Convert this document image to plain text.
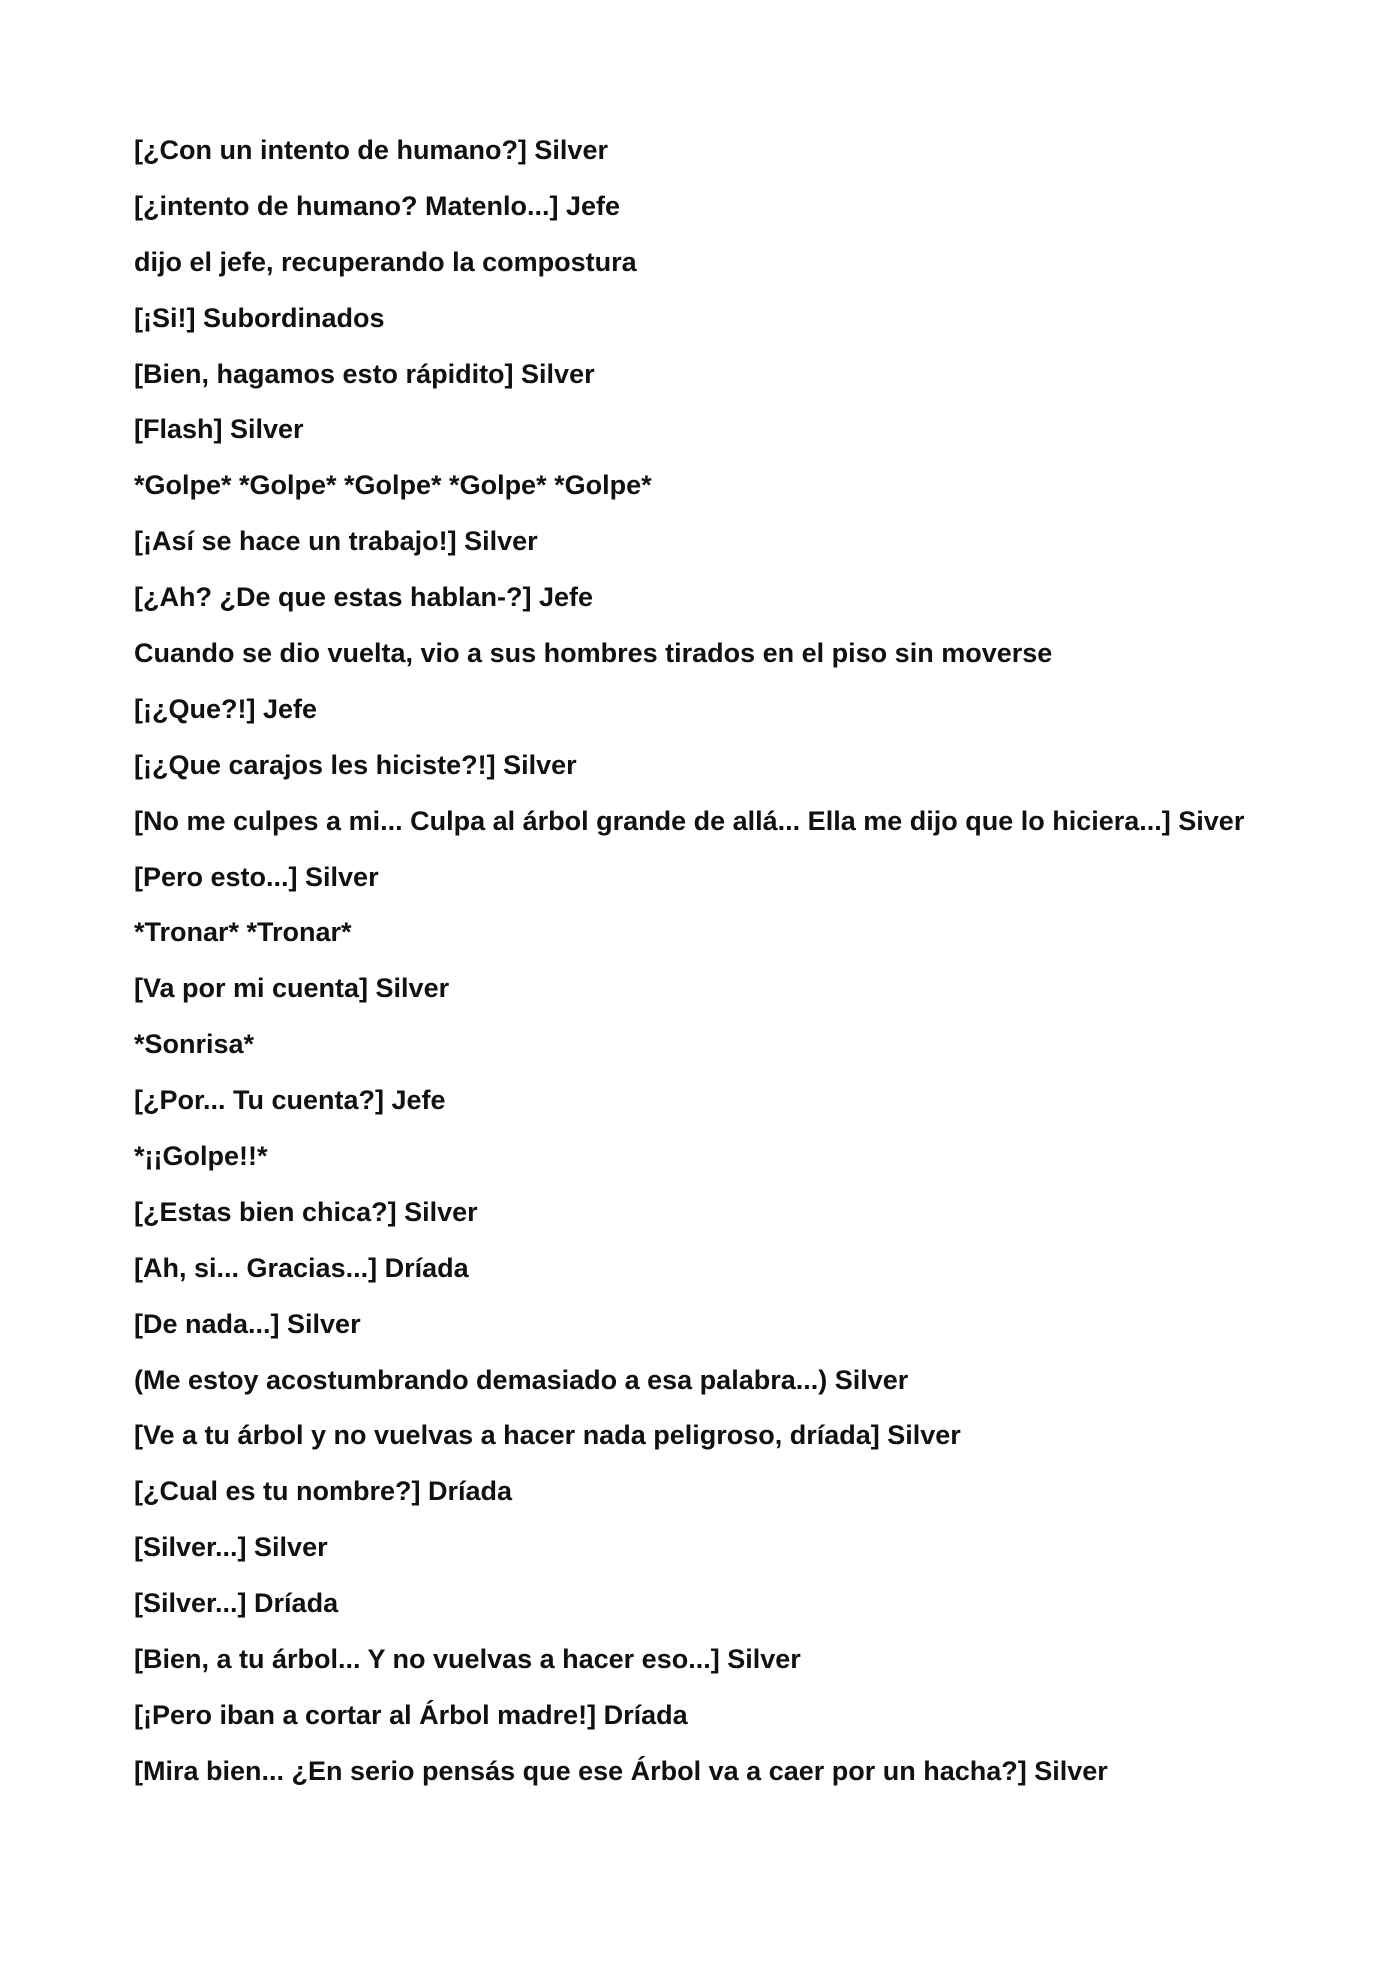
[¿Con un intento de humano?] Silver

[¿intento de humano? Matenlo...] Jefe

dijo el jefe, recuperando la compostura

[¡Si!] Subordinados

[Bien, hagamos esto rápidito] Silver

[Flash] Silver

*Golpe* *Golpe* *Golpe* *Golpe* *Golpe*

[¡Así se hace un trabajo!] Silver

[¿Ah? ¿De que estas hablan-?] Jefe

Cuando se dio vuelta, vio a sus hombres tirados en el piso sin moverse

[¡¿Que?!] Jefe

[¡¿Que carajos les hiciste?!] Silver

[No me culpes a mi... Culpa al árbol grande de allá... Ella me dijo que lo hiciera...] Siver

[Pero esto...] Silver

*Tronar* *Tronar*

[Va por mi cuenta] Silver

*Sonrisa*

[¿Por... Tu cuenta?] Jefe

*¡¡Golpe!!*

[¿Estas bien chica?] Silver

[Ah, si... Gracias...] Dríada

[De nada...] Silver

(Me estoy acostumbrando demasiado a esa palabra...) Silver

[Ve a tu árbol y no vuelvas a hacer nada peligroso, dríada] Silver

[¿Cual es tu nombre?] Dríada

[Silver...] Silver

[Silver...] Dríada

[Bien, a tu árbol... Y no vuelvas a hacer eso...] Silver

[¡Pero iban a cortar al Árbol madre!] Dríada

[Mira bien... ¿En serio pensás que ese Árbol va a caer por un hacha?] Silver
